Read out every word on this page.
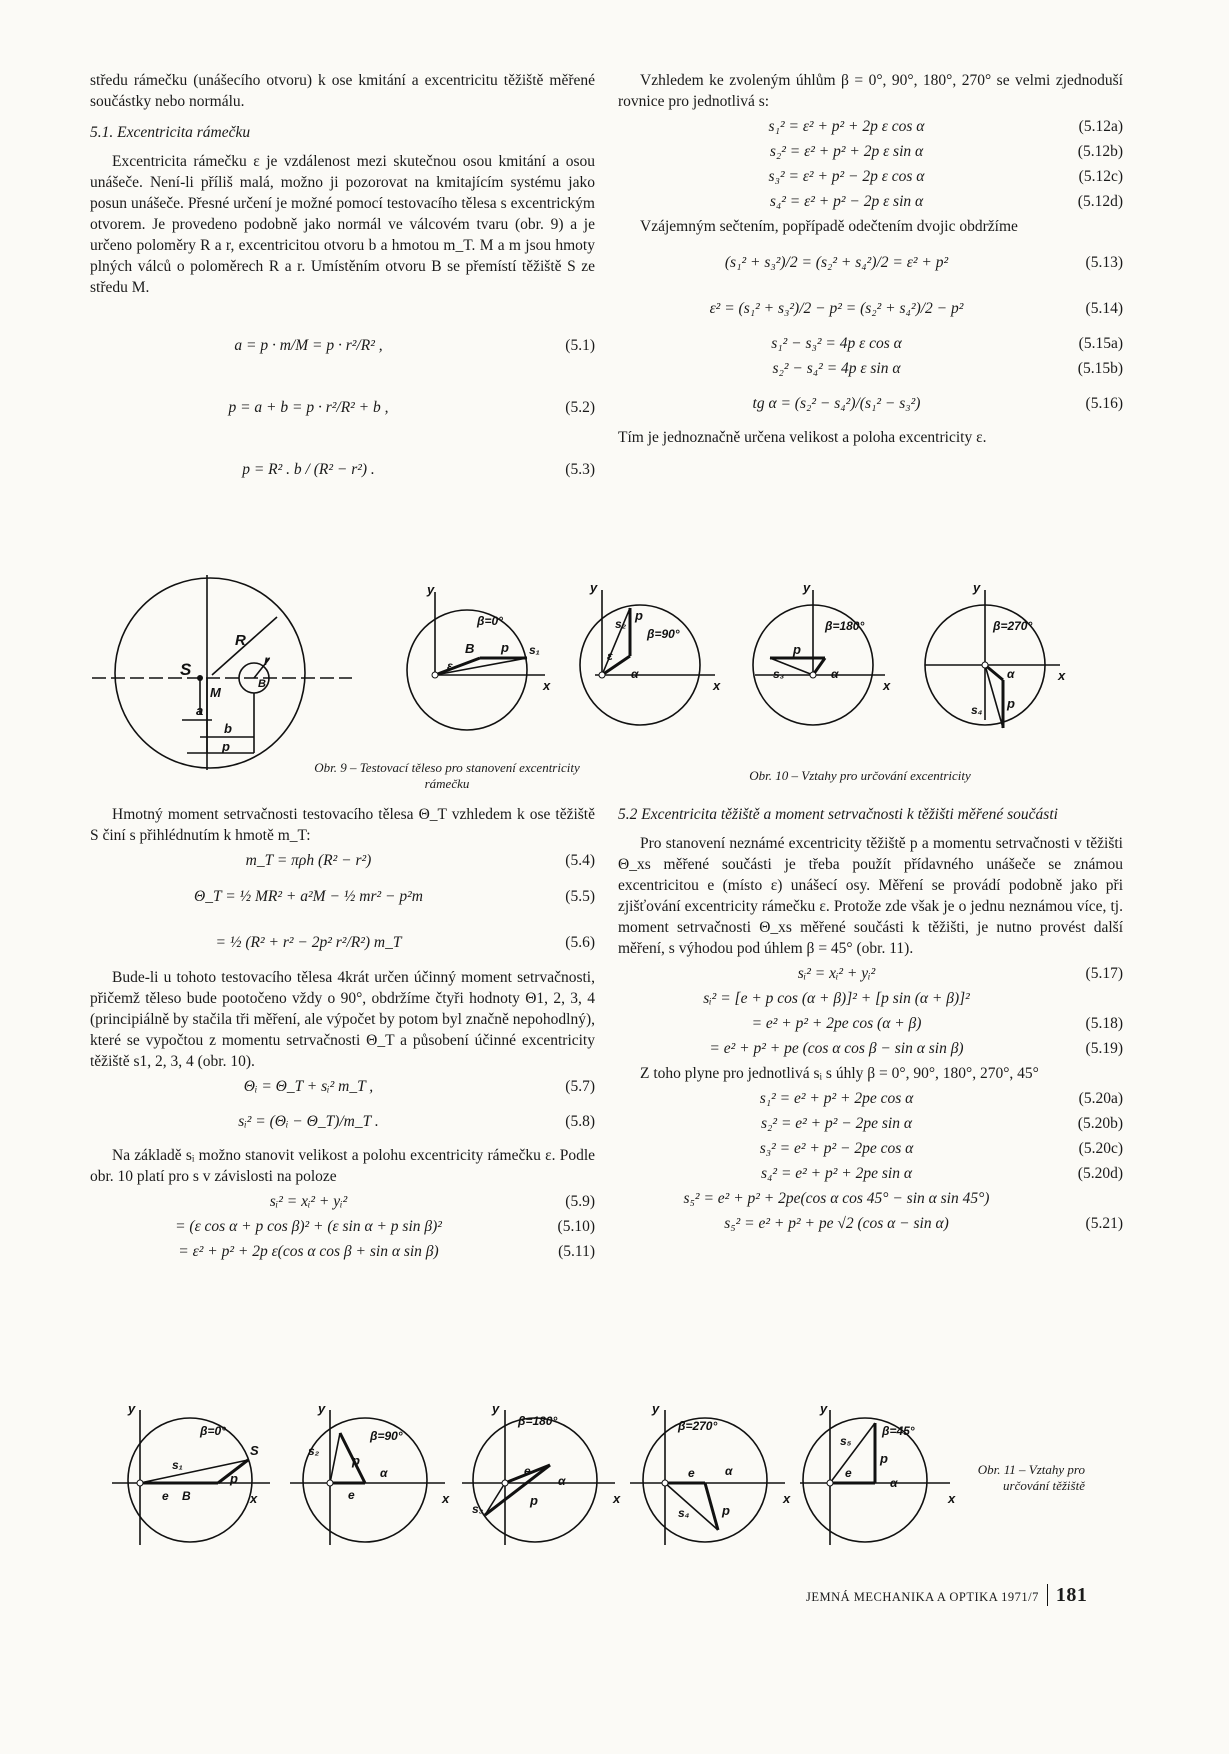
středu rámečku (unášecího otvoru) k ose kmitání a excentricitu těžiště měřené součástky nebo normálu.

5.1. Excentricita rámečku

Excentricita rámečku ε je vzdálenost mezi skutečnou osou kmitání a osou unášeče. Není-li příliš malá, možno ji pozorovat na kmitajícím systému jako posun unášeče. Přesné určení je možné pomocí testovacího tělesa s excentrickým otvorem. Je provedeno podobně jako normál ve válcovém tvaru (obr. 9) a je určeno poloměry R a r, excentricitou otvoru b a hmotou m_T. M a m jsou hmoty plných válců o poloměrech R a r. Umístěním otvoru B se přemístí těžiště S ze středu M.

a = p · m/M = p · r²/R² ,	(5.1)
p = a + b = p · r²/R² + b ,	(5.2)
p = R² . b / (R² − r²) .	(5.3)

Vzhledem ke zvoleným úhlům β = 0°, 90°, 180°, 270° se velmi zjednoduší rovnice pro jednotlivá s:

s₁² = ε² + p² + 2p ε cos α	(5.12a)
s₂² = ε² + p² + 2p ε sin α	(5.12b)
s₃² = ε² + p² − 2p ε cos α	(5.12c)
s₄² = ε² + p² − 2p ε sin α	(5.12d)

Vzájemným sečtením, popřípadě odečtením dvojic obdržíme

(s₁² + s₃²)/2 = (s₂² + s₄²)/2 = ε² + p²	(5.13)
ε² = (s₁² + s₃²)/2 − p² = (s₂² + s₄²)/2 − p²	(5.14)
s₁² − s₃² = 4p ε cos α	(5.15a)
s₂² − s₄² = 4p ε sin α	(5.15b)
tg α = (s₂² − s₄²)/(s₁² − s₃²)	(5.16)

Tím je jednoznačně určena velikost a poloha excentricity ε.

S
M
R
r
B
a
b
p
Obr. 9 – Testovací těleso pro stanovení excentricity rámečku
y
x
β=0°
B p
ε
s₁
y
x
β=90°
p
ε
s₂
α
y
x
β=180°
p
s₃	α
y
x
β=270°
p
s₄
α
Obr. 10 – Vztahy pro určování excentricity

Hmotný moment setrvačnosti testovacího tělesa Θ_T vzhledem k ose těžiště S činí s přihlédnutím k hmotě m_T:

m_T = πρh (R² − r²)	(5.4)
Θ_T = ½ MR² + a²M − ½ mr² − p²m	(5.5)
= ½ (R² + r² − 2p² r²/R²) m_T	(5.6)

Bude-li u tohoto testovacího tělesa 4krát určen účinný moment setrvačnosti, přičemž těleso bude pootočeno vždy o 90°, obdržíme čtyři hodnoty Θ1, 2, 3, 4 (principiálně by stačila tři měření, ale výpočet by potom byl značně nepohodlný), které se vypočtou z momentu setrvačnosti Θ_T a působení účinné excentricity těžiště s1, 2, 3, 4 (obr. 10).

Θᵢ = Θ_T + sᵢ² m_T ,	(5.7)
sᵢ² = (Θᵢ − Θ_T)/m_T .	(5.8)

Na základě sᵢ možno stanovit velikost a polohu excentricity rámečku ε. Podle obr. 10 platí pro s v závislosti na poloze

sᵢ² = xᵢ² + yᵢ²	(5.9)
= (ε cos α + p cos β)² + (ε sin α + p sin β)²	(5.10)
= ε² + p² + 2p ε(cos α cos β + sin α sin β)	(5.11)

5.2 Excentricita těžiště a moment setrvačnosti k těžišti měřené součásti

Pro stanovení neznámé excentricity těžiště p a momentu setrvačnosti v těžišti Θ_xs měřené součásti je třeba použít přídavného unášeče se známou excentricitou e (místo ε) unášecí osy. Měření se provádí podobně jako při zjišťování excentricity rámečku ε. Protože zde však je o jednu neznámou více, tj. moment setrvačnosti Θ_xs měřené součásti k těžišti, je nutno provést další měření, s výhodou pod úhlem β = 45° (obr. 11).

sᵢ² = xᵢ² + yᵢ²	(5.17)
sᵢ² = [e + p cos (α + β)]² + [p sin (α + β)]²
= e² + p² + 2pe cos (α + β)	(5.18)
= e² + p² + pe (cos α cos β − sin α sin β)	(5.19)

Z toho plyne pro jednotlivá sᵢ s úhly β = 0°, 90°, 180°, 270°, 45°

s₁² = e² + p² + 2pe cos α	(5.20a)
s₂² = e² + p² − 2pe sin α	(5.20b)
s₃² = e² + p² − 2pe cos α	(5.20c)
s₄² = e² + p² + 2pe sin α	(5.20d)
s₅² = e² + p² + 2pe(cos α cos 45° − sin α sin 45°)
s₅² = e² + p² + pe √2 (cos α − sin α)	(5.21)
y
x
β=0°
S
s₁
p
e B
y
x
β=90°
s₂
p
e
α
y
x
β=180°
s₃
p
e
α
y
x
β=270°
s₄	p
e	α
y
x
β=45°
s₅
p
e
α
Obr. 11 – Vztahy pro určování těžiště
JEMNÁ MECHANIKA A OPTIKA 1971/7 181
